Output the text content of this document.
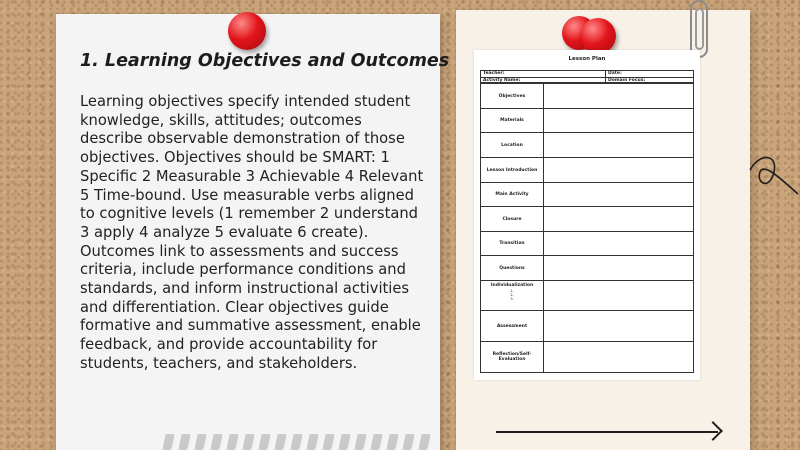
1. Learning Objectives and Outcomes
Learning objectives specify intended student knowledge, skills, attitudes; outcomes describe observable demonstration of those objectives. Objectives should be SMART: 1 Specific 2 Measurable 3 Achievable 4 Relevant 5 Time-bound. Use measurable verbs aligned to cognitive levels (1 remember 2 understand 3 apply 4 analyze 5 evaluate 6 create). Outcomes link to assessments and success criteria, include performance conditions and standards, and inform instructional activities and differentiation. Clear objectives guide formative and summative assessment, enable feedback, and provide accountability for students, teachers, and stakeholders.
Lesson Plan
Teacher:	Date:
Activity Name:	Domain Focus:
Objectives
Materials
Location
Lesson Introduction
Main Activity
Closure
Transition
Questions
Individualization
1.
2.
3.
Assessment
Reflection/Self-Evaluation
